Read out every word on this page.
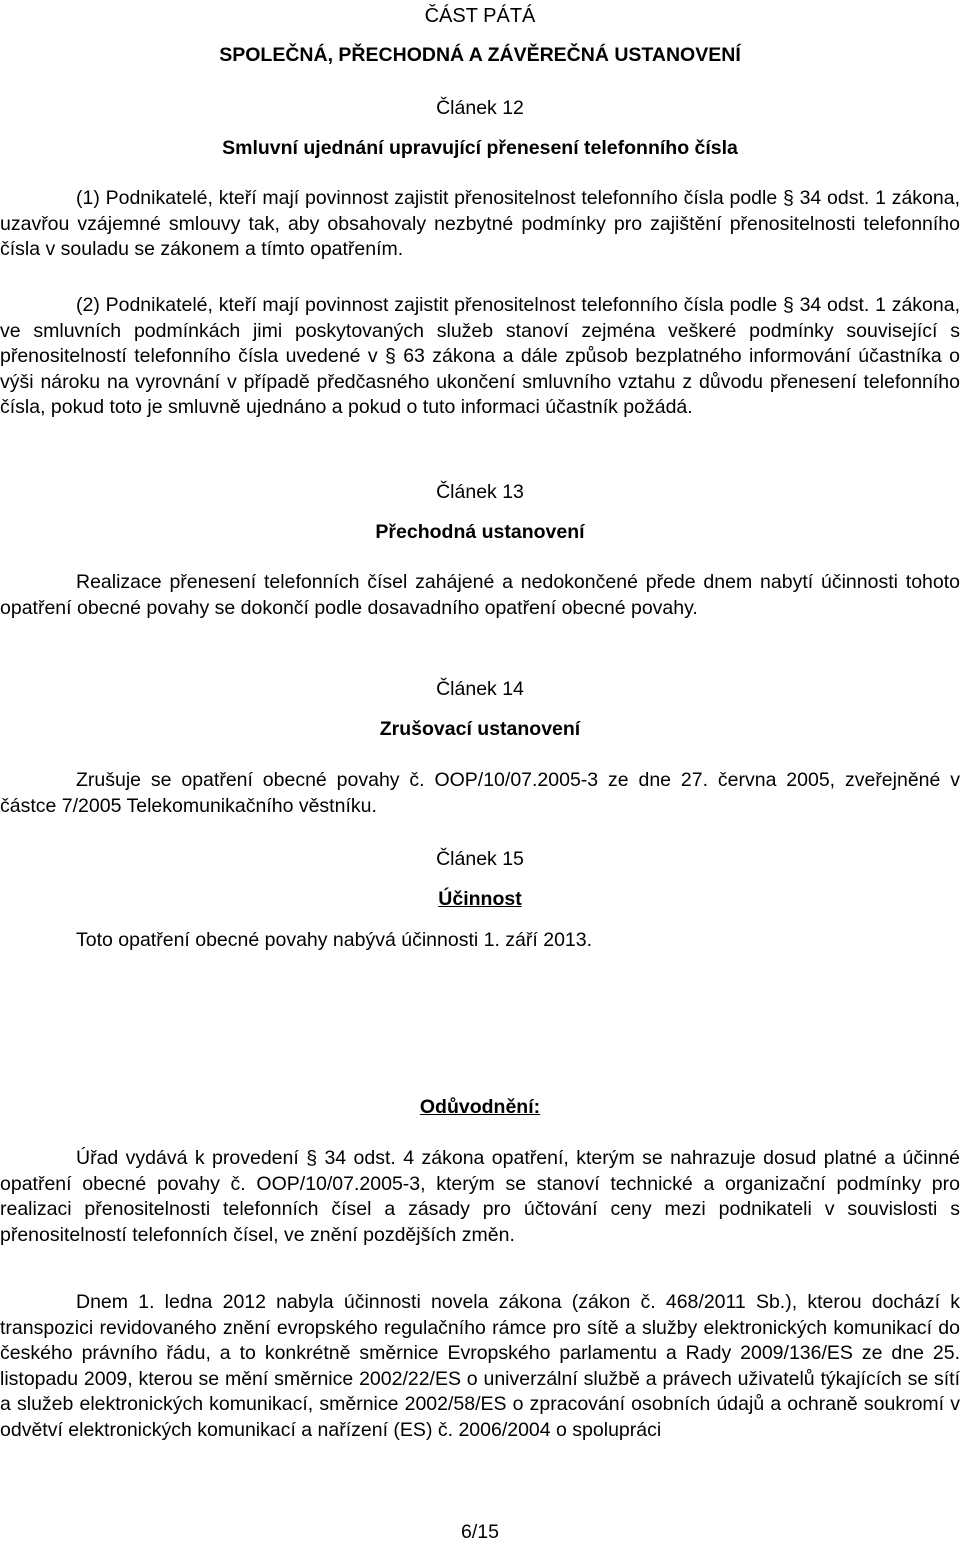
ČÁST PÁTÁ
SPOLEČNÁ, PŘECHODNÁ A ZÁVĚREČNÁ USTANOVENÍ
Článek 12
Smluvní ujednání upravující přenesení telefonního čísla

(1) Podnikatelé, kteří mají povinnost zajistit přenositelnost telefonního čísla podle § 34 odst. 1 zákona, uzavřou vzájemné smlouvy tak, aby obsahovaly nezbytné podmínky pro zajištění přenositelnosti telefonního čísla v souladu se zákonem a tímto opatřením.

(2) Podnikatelé, kteří mají povinnost zajistit přenositelnost telefonního čísla podle § 34 odst. 1 zákona, ve smluvních podmínkách jimi poskytovaných služeb stanoví zejména veškeré podmínky související s přenositelností telefonního čísla uvedené v § 63 zákona a dále způsob bezplatného informování účastníka o výši nároku na vyrovnání v případě předčasného ukončení smluvního vztahu z důvodu přenesení telefonního čísla, pokud toto je smluvně ujednáno a pokud o tuto informaci účastník požádá.

Článek 13
Přechodná ustanovení

Realizace přenesení telefonních čísel zahájené a nedokončené přede dnem nabytí účinnosti tohoto opatření obecné povahy se dokončí podle dosavadního opatření obecné povahy.

Článek 14
Zrušovací ustanovení

Zrušuje se opatření obecné povahy č. OOP/10/07.2005-3 ze dne 27. června 2005, zveřejněné v částce 7/2005 Telekomunikačního věstníku.

Článek 15
Účinnost

Toto opatření obecné povahy nabývá účinnosti 1. září 2013.

Odůvodnění:

Úřad vydává k provedení § 34 odst. 4 zákona opatření, kterým se nahrazuje dosud platné a účinné opatření obecné povahy č. OOP/10/07.2005-3, kterým se stanoví technické a organizační podmínky pro realizaci přenositelnosti telefonních čísel a zásady pro účtování ceny mezi podnikateli v souvislosti s přenositelností telefonních čísel, ve znění pozdějších změn.

Dnem 1. ledna 2012 nabyla účinnosti novela zákona (zákon č. 468/2011 Sb.), kterou dochází k transpozici revidovaného znění evropského regulačního rámce pro sítě a služby elektronických komunikací do českého právního řádu, a to konkrétně směrnice Evropského parlamentu a Rady 2009/136/ES ze dne 25. listopadu 2009, kterou se mění směrnice 2002/22/ES o univerzální službě a právech uživatelů týkajících se sítí a služeb elektronických komunikací, směrnice 2002/58/ES o zpracování osobních údajů a ochraně soukromí v odvětví elektronických komunikací a nařízení (ES) č. 2006/2004 o spolupráci

6/15
